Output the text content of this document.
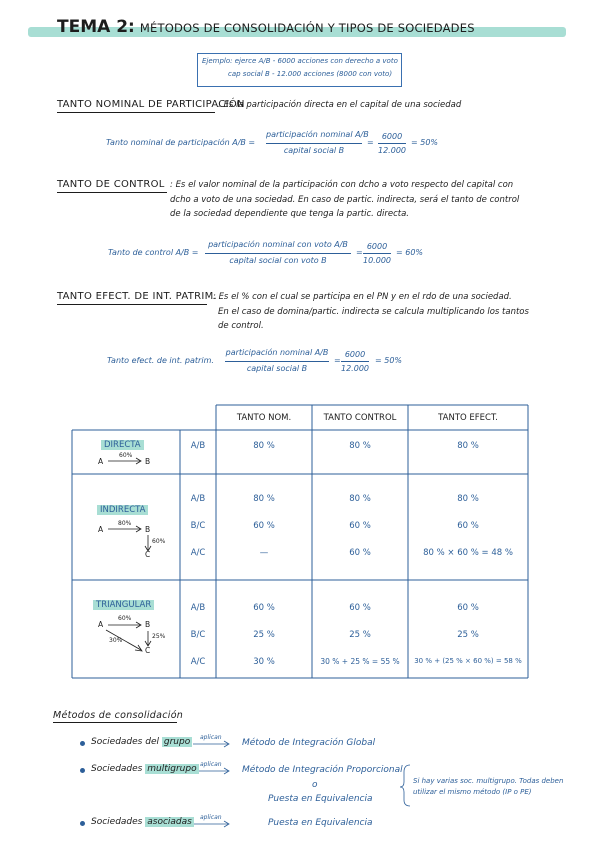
TEMA 2: MÉTODOS DE CONSOLIDACIÓN Y TIPOS DE SOCIEDADES
Ejemplo: ejerce A/B - 6000 acciones con derecho a voto
cap social B - 12.000 acciones (8000 con voto)
TANTO NOMINAL DE PARTICIPACIÓN
: Es la participación directa en el capital de una sociedad
Tanto nominal de participación A/B =
participación nominal A/B
capital social B
=
6000
12.000
= 50%
TANTO DE CONTROL : Es el valor nominal de la participación con dcho a voto respecto del capital con
dcho a voto de una sociedad. En caso de partic. indirecta, será el tanto de control
de la sociedad dependiente que tenga la partic. directa.
Tanto de control A/B =
participación nominal con voto A/B
capital social con voto B
=
6000
10.000
= 60%
TANTO EFECT. DE INT. PATRIM.
: Es el % con el cual se participa en el PN y en el rdo de una sociedad.
En el caso de domina/partic. indirecta se calcula multiplicando los tantos
de control.
Tanto efect. de int. patrim.
participación nominal A/B
capital social B
=
6000
12.000
= 50%
TANTO NOM.	TANTO CONTROL	TANTO EFECT.
DIRECTA
A	B
60%
A/B	80 %	80 %	80 %
INDIRECTA
A	B
C
80%
60%
A/B	80 %	80 %	80 %
B/C	60 %	60 %	60 %
A/C	—	60 %	80 % × 60 % = 48 %
TRIANGULAR
A	B
C
60%
25%
30%
A/B	60 %	60 %	60 %
B/C	25 %	25 %	25 %
A/C	30 %	30 % + 25 % = 55 %	30 % + (25 % × 60 %) = 58 %
Métodos de consolidación
Sociedades del grupo	aplican
Método de Integración Global
Sociedades multigrupo aplican
Método de Integración Proporcional
o
Puesta en Equivalencia
Si hay varias soc. multigrupo. Todas deben
utilizar el mismo método (IP o PE)
Sociedades asociadas	aplican
Puesta en Equivalencia
